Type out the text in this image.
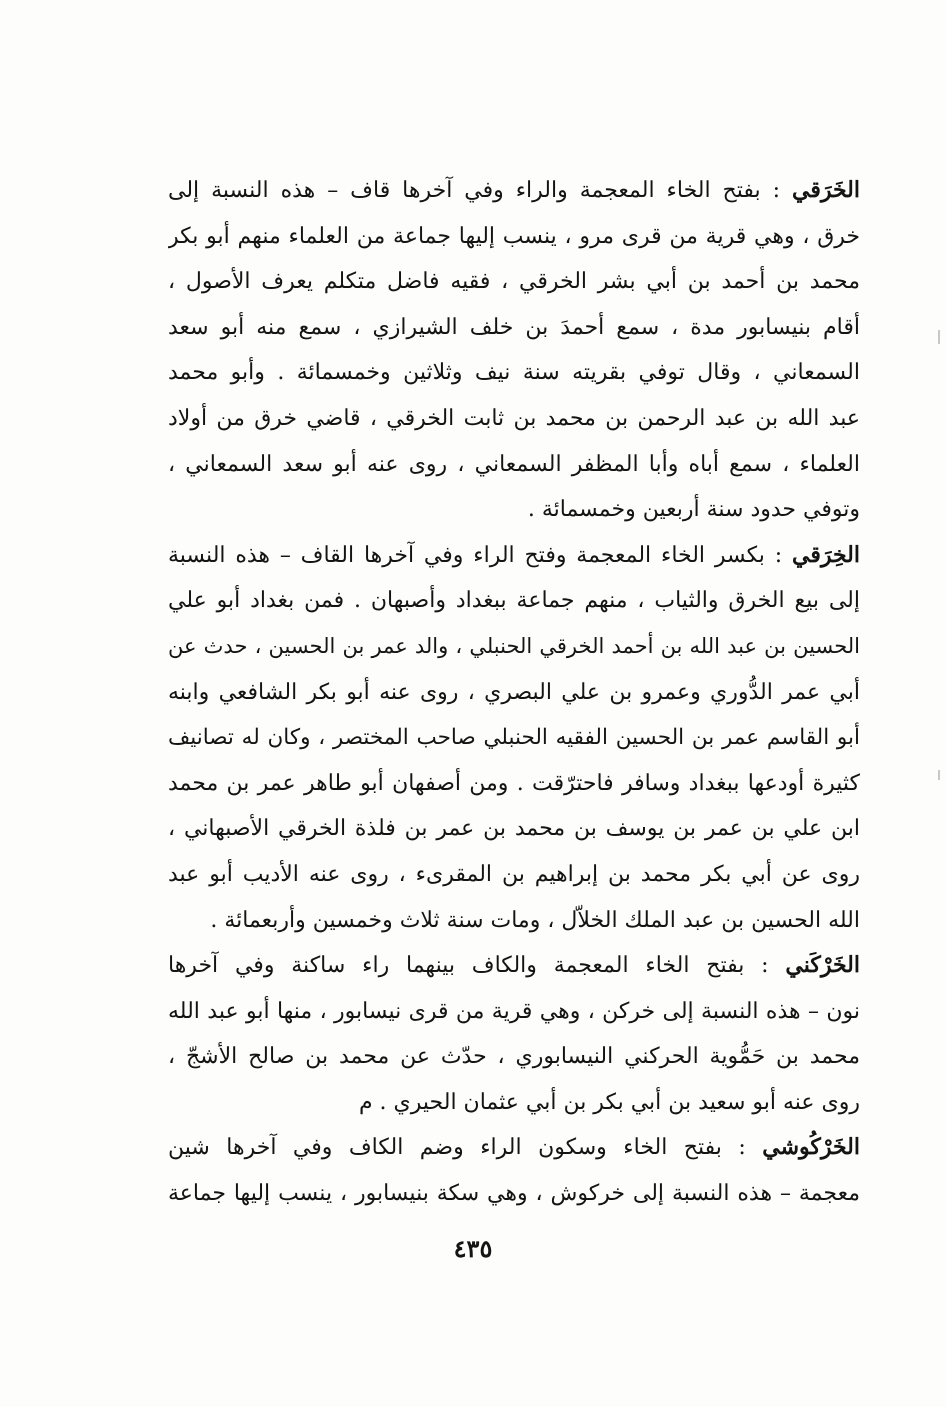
الخَرَقي : بفتح الخاء المعجمة والراء وفي آخرها قاف – هذه النسبة إلى
خرق ، وهي قرية من قرى مرو ، ينسب إليها جماعة من العلماء منهم أبو بكر
محمد بن أحمد بن أبي بشر الخرقي ، فقيه فاضل متكلم يعرف الأصول ،
أقام بنيسابور مدة ، سمع أحمدَ بن خلف الشيرازي ، سمع منه أبو سعد
السمعاني ، وقال توفي بقريته سنة نيف وثلاثين وخمسمائة . وأبو محمد
عبد الله بن عبد الرحمن بن محمد بن ثابت الخرقي ، قاضي خرق من أولاد
العلماء ، سمع أباه وأبا المظفر السمعاني ، روى عنه أبو سعد السمعاني ،
وتوفي حدود سنة أربعين وخمسمائة .
الخِرَقي : بكسر الخاء المعجمة وفتح الراء وفي آخرها القاف – هذه النسبة
إلى بيع الخرق والثياب ، منهم جماعة ببغداد وأصبهان . فمن بغداد أبو علي
الحسين بن عبد الله بن أحمد الخرقي الحنبلي ، والد عمر بن الحسين ، حدث عن
أبي عمر الدُّوري وعمرو بن علي البصري ، روى عنه أبو بكر الشافعي وابنه
أبو القاسم عمر بن الحسين الفقيه الحنبلي صاحب المختصر ، وكان له تصانيف
كثيرة أودعها ببغداد وسافر فاحترّقت . ومن أصفهان أبو طاهر عمر بن محمد
ابن علي بن عمر بن يوسف بن محمد بن عمر بن فلذة الخرقي الأصبهاني ،
روى عن أبي بكر محمد بن إبراهيم بن المقرىء ، روى عنه الأديب أبو عبد
الله الحسين بن عبد الملك الخلاّل ، ومات سنة ثلاث وخمسين وأربعمائة .
الخَرْكَني : بفتح الخاء المعجمة والكاف بينهما راء ساكنة وفي آخرها
نون – هذه النسبة إلى خركن ، وهي قرية من قرى نيسابور ، منها أبو عبد الله
محمد بن حَمُّوية الحركني النيسابوري ، حدّث عن محمد بن صالح الأشجّ ،
روى عنه أبو سعيد بن أبي بكر بن أبي عثمان الحيري . م
الخَرْكُوشي : بفتح الخاء وسكون الراء وضم الكاف وفي آخرها شين
معجمة – هذه النسبة إلى خركوش ، وهي سكة بنيسابور ، ينسب إليها جماعة
٤٣٥
